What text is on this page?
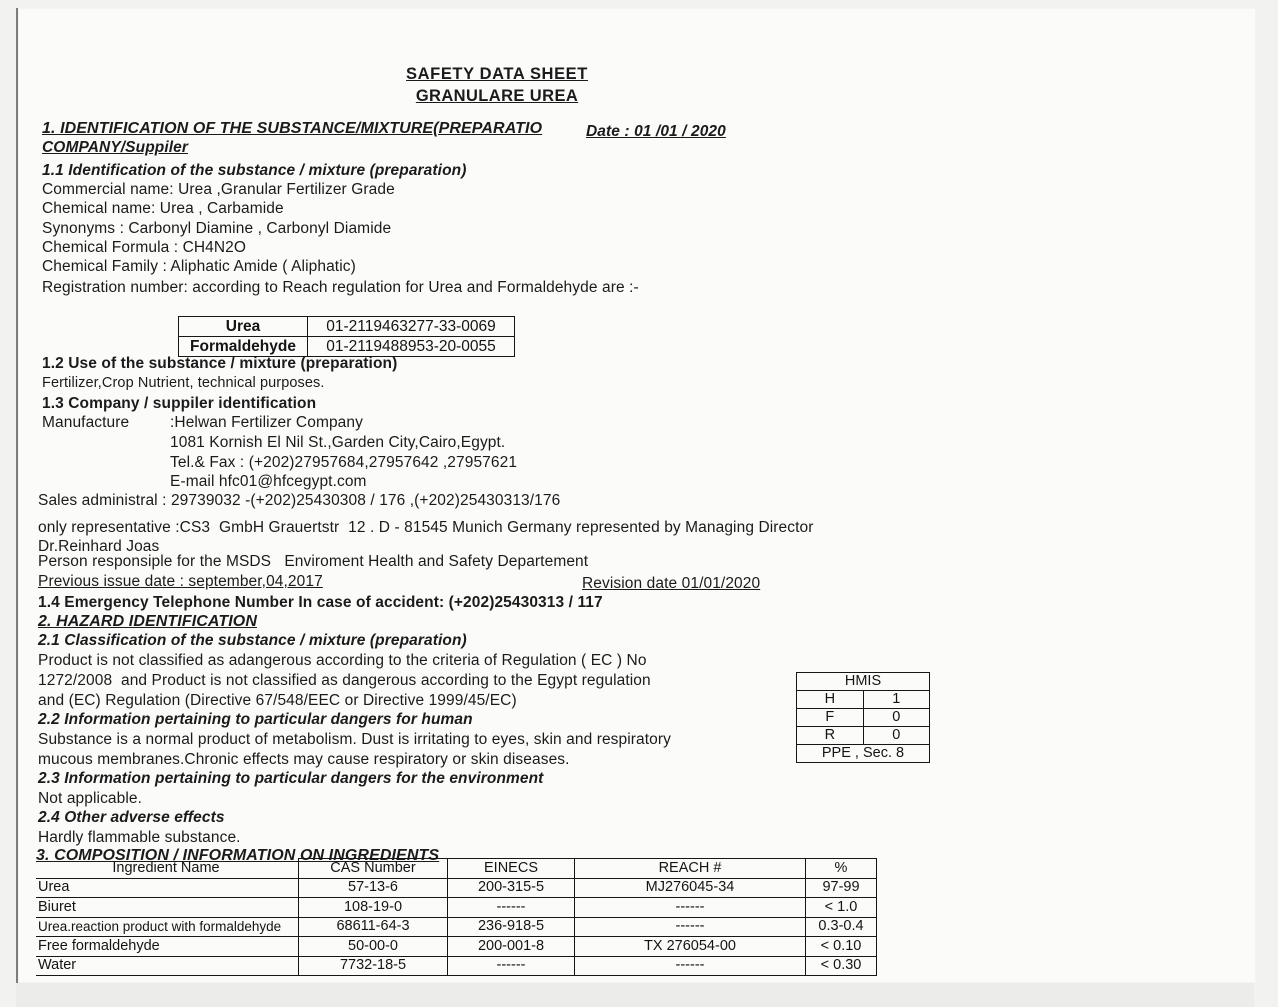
SAFETY DATA SHEET
GRANULARE UREA
1. IDENTIFICATION OF THE SUBSTANCE/MIXTURE(PREPARATIO	Date : 01 /01 / 2020
COMPANY/Suppiler
1.1 Identification of the substance / mixture (preparation)
Commercial name: Urea ,Granular Fertilizer Grade
Chemical name: Urea , Carbamide
Synonyms : Carbonyl Diamine , Carbonyl Diamide
Chemical Formula : CH4N2O
Chemical Family : Aliphatic Amide ( Aliphatic)
Registration number: according to Reach regulation for Urea and Formaldehyde are :-
Urea	01-2119463277-33-0069
Formaldehyde	01-2119488953-20-0055
1.2 Use of the substance / mixture (preparation)
Fertilizer,Crop Nutrient, technical purposes.
1.3 Company / suppiler identification
Manufacture	:Helwan Fertilizer Company
1081 Kornish El Nil St.,Garden City,Cairo,Egypt.
Tel.& Fax : (+202)27957684,27957642 ,27957621
E-mail hfc01@hfcegypt.com
Sales administral : 29739032 -(+202)25430308 / 176 ,(+202)25430313/176
only representative :CS3  GmbH Grauertstr  12 . D - 81545 Munich Germany represented by Managing Director
Dr.Reinhard Joas
Person responsiple for the MSDS   Enviroment Health and Safety Departement
Previous issue date : september,04,2017	Revision date 01/01/2020
1.4 Emergency Telephone Number In case of accident: (+202)25430313 / 117
2. HAZARD IDENTIFICATION
2.1 Classification of the substance / mixture (preparation)
Product is not classified as adangerous according to the criteria of Regulation ( EC ) No
1272/2008  and Product is not classified as dangerous according to the Egypt regulation
and (EC) Regulation (Directive 67/548/EEC or Directive 1999/45/EC)
2.2 Information pertaining to particular dangers for human
Substance is a normal product of metabolism. Dust is irritating to eyes, skin and respiratory
mucous membranes.Chronic effects may cause respiratory or skin diseases.
2.3 Information pertaining to particular dangers for the environment
Not applicable.
2.4 Other adverse effects
Hardly flammable substance.
3. COMPOSITION / INFORMATION ON INGREDIENTS
HMIS	
H	1
F	0
R	0
PPE , Sec. 8	
Ingredient Name	CAS Number	EINECS	REACH #	%
Urea	57-13-6	200-315-5	MJ276045-34	97-99
Biuret	108-19-0	------	------	< 1.0
Urea.reaction product with formaldehyde	68611-64-3	236-918-5	------	0.3-0.4
Free formaldehyde	50-00-0	200-001-8	TX 276054-00	< 0.10
Water	7732-18-5	------	------	< 0.30
